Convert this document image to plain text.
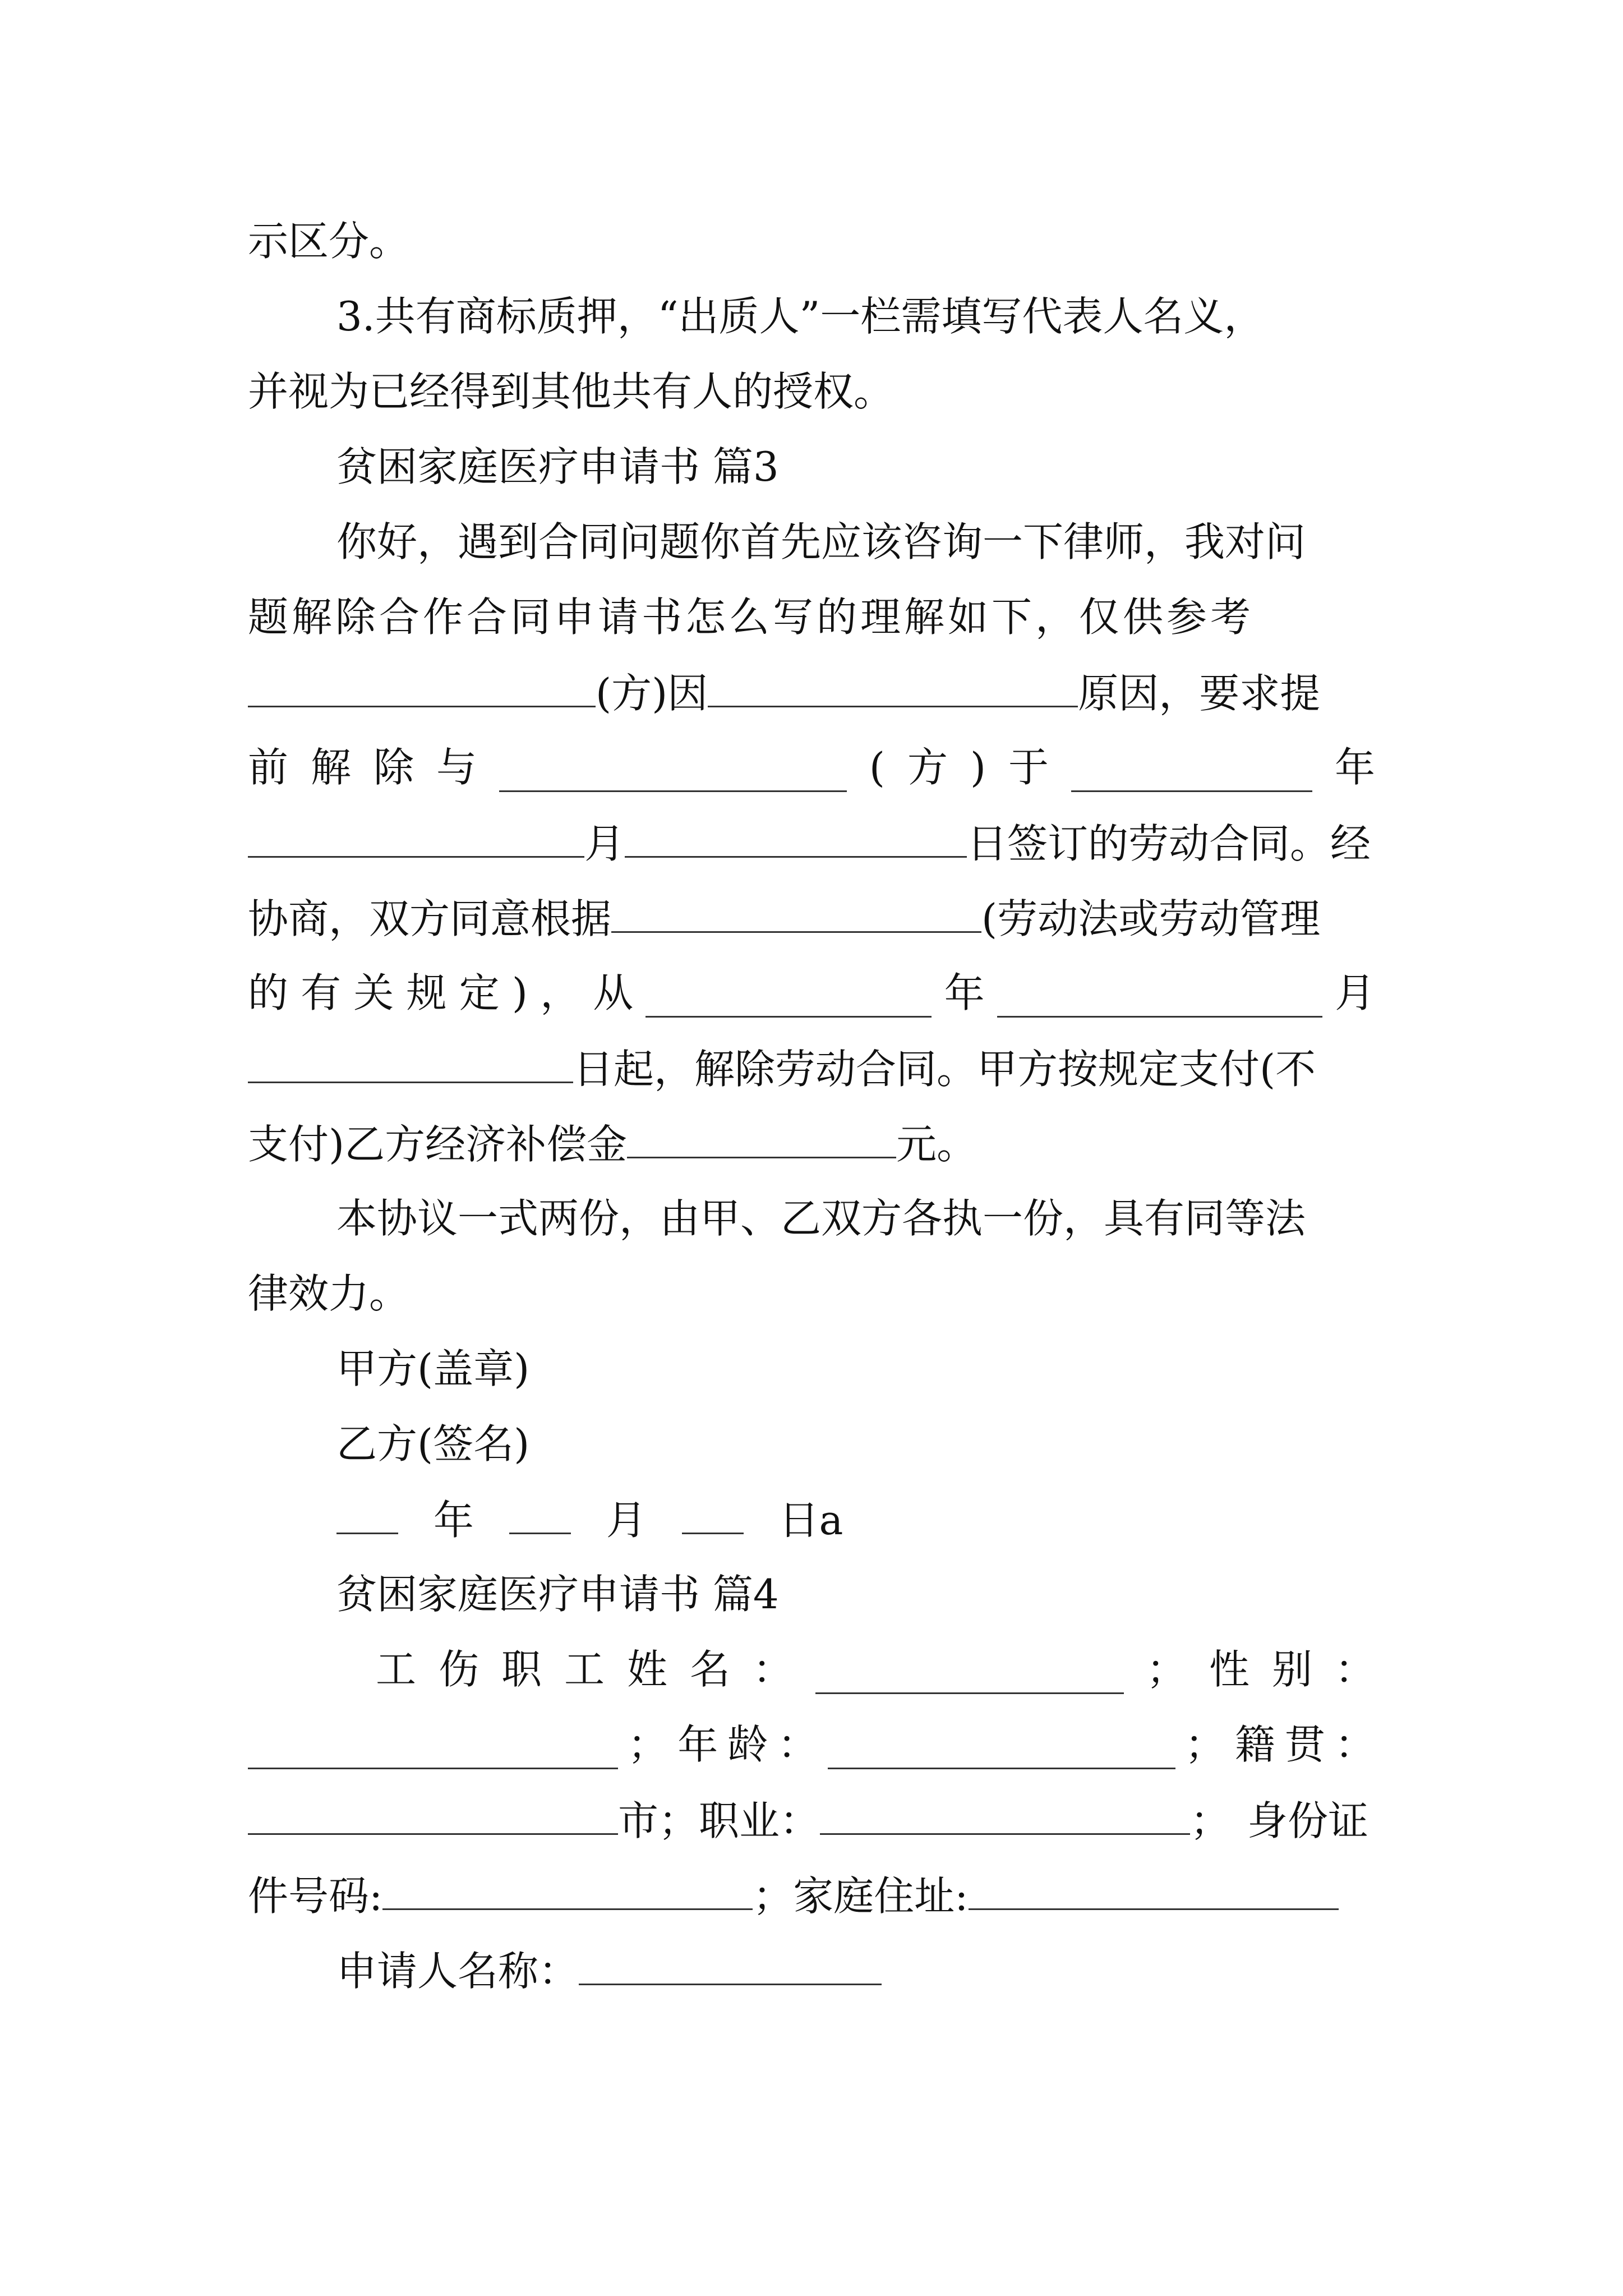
示区分。
3.共有商标质押，“出质人”一栏需填写代表人名义，
并视为已经得到其他共有人的授权。
贫困家庭医疗申请书 篇3
你好，遇到合同问题你首先应该咨询一下律师，我对问
题解除合作合同申请书怎么写的理解如下，仅供参考
(方)因	原因，要求提
前 解 除 与	( 方 ) 于	年
月	日签订的劳动合同。经
协商，双方同意根据	(劳动法或劳动管理
的 有 关 规 定 ) ， 从	年	月
日起，解除劳动合同。甲方按规定支付(不
支付)乙方经济补偿金	元。
本协议一式两份，由甲、乙双方各执一份，具有同等法
律效力。
甲方(盖章)
乙方(签名)
年	月	日a
贫困家庭医疗申请书 篇4
工 伤 职 工 姓 名 ：	； 性 别 ：
； 年 龄 ：	； 籍 贯 ：
市；职业：	； 身份证
件号码:	；家庭住址:
申请人名称：
